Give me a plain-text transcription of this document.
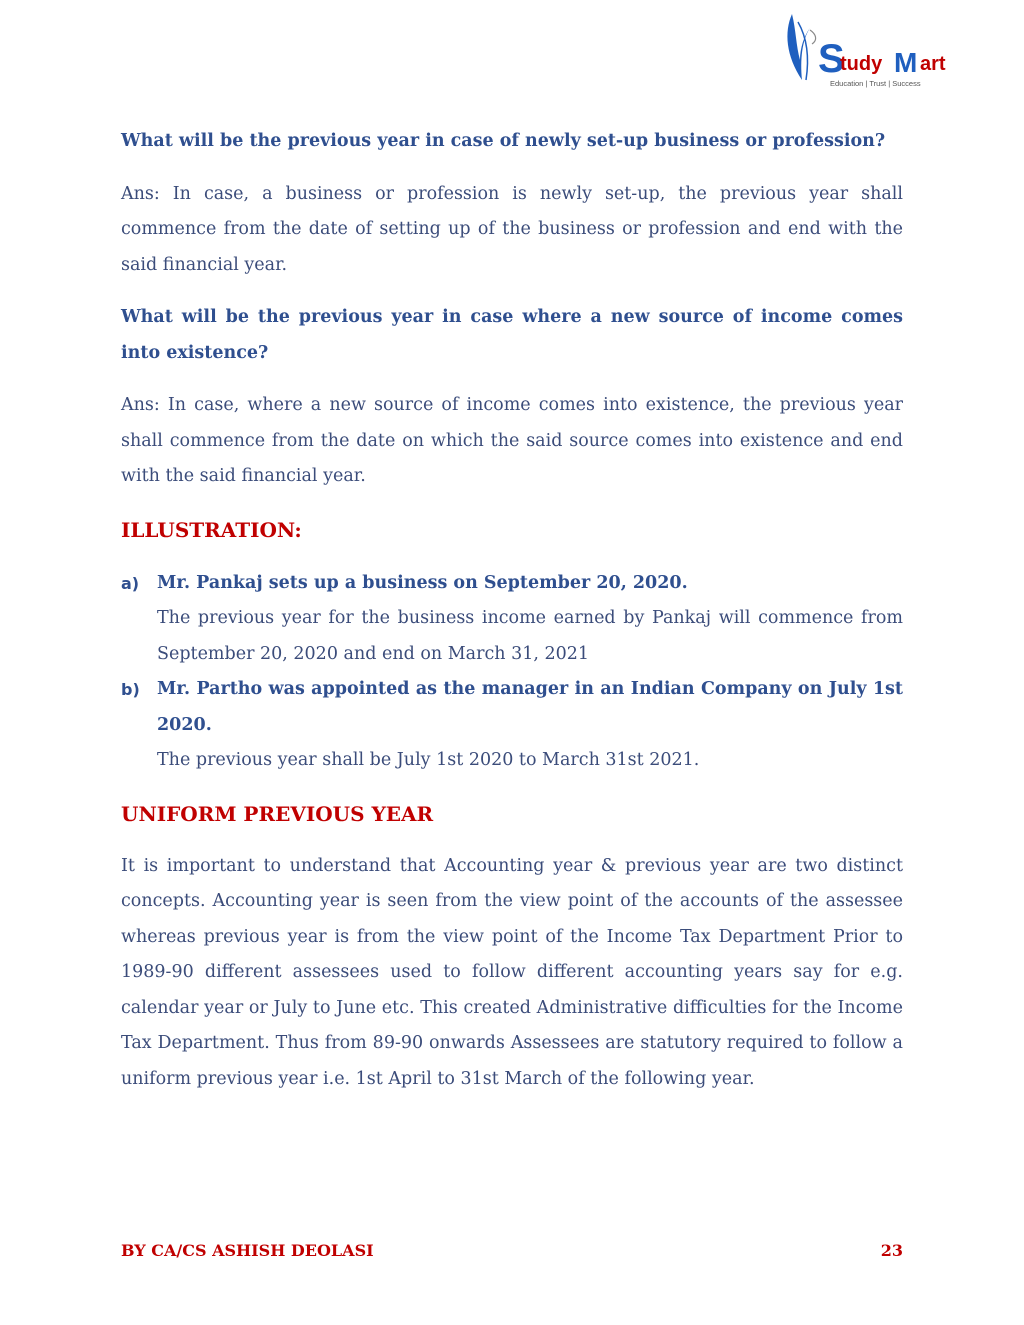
S
tudy M art
Education | Trust | Success

What will be the previous year in case of newly set-up business or profession?

Ans: In case, a business or profession is newly set-up, the previous year shall commence from the date of setting up of the business or profession and end with the said financial year.

What will be the previous year in case where a new source of income comes into existence?

Ans: In case, where a new source of income comes into existence, the previous year shall commence from the date on which the said source comes into existence and end with the said financial year.

ILLUSTRATION:
a) Mr. Pankaj sets up a business on September 20, 2020.
The previous year for the business income earned by Pankaj will commence from September 20, 2020 and end on March 31, 2021
b) Mr. Partho was appointed as the manager in an Indian Company on July 1st 2020.
The previous year shall be July 1st 2020 to March 31st 2021.
UNIFORM PREVIOUS YEAR

It is important to understand that Accounting year & previous year are two distinct concepts. Accounting year is seen from the view point of the accounts of the assessee whereas previous year is from the view point of the Income Tax Department Prior to 1989-90 different assessees used to follow different accounting years say for e.g. calendar year or July to June etc. This created Administrative difficulties for the Income Tax Department. Thus from 89-90 onwards Assessees are statutory required to follow a uniform previous year i.e. 1st April to 31st March of the following year.

BY CA/CS ASHISH DEOLASI	23
